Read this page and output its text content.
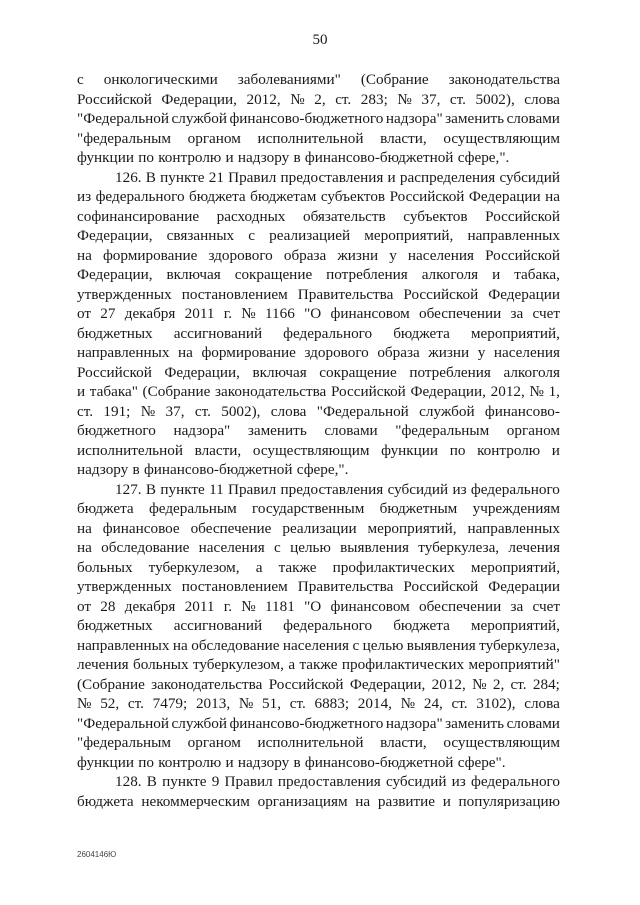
50
с онкологическими заболеваниями" (Собрание законодательства
Российской Федерации, 2012, № 2, ст. 283; № 37, ст. 5002), слова
"Федеральной службой финансово-бюджетного надзора" заменить словами
"федеральным органом исполнительной власти, осуществляющим
функции по контролю и надзору в финансово-бюджетной сфере,".
126. В пункте 21 Правил предоставления и распределения субсидий
из федерального бюджета бюджетам субъектов Российской Федерации на
софинансирование расходных обязательств субъектов Российской
Федерации, связанных с реализацией мероприятий, направленных
на формирование здорового образа жизни у населения Российской
Федерации, включая сокращение потребления алкоголя и табака,
утвержденных постановлением Правительства Российской Федерации
от 27 декабря 2011 г. № 1166 "О финансовом обеспечении за счет
бюджетных ассигнований федерального бюджета мероприятий,
направленных на формирование здорового образа жизни у населения
Российской Федерации, включая сокращение потребления алкоголя
и табака" (Собрание законодательства Российской Федерации, 2012, № 1,
ст. 191; № 37, ст. 5002), слова "Федеральной службой финансово-
бюджетного надзора" заменить словами "федеральным органом
исполнительной власти, осуществляющим функции по контролю и
надзору в финансово-бюджетной сфере,".
127. В пункте 11 Правил предоставления субсидий из федерального
бюджета федеральным государственным бюджетным учреждениям
на финансовое обеспечение реализации мероприятий, направленных
на обследование населения с целью выявления туберкулеза, лечения
больных туберкулезом, а также профилактических мероприятий,
утвержденных постановлением Правительства Российской Федерации
от 28 декабря 2011 г. № 1181 "О финансовом обеспечении за счет
бюджетных ассигнований федерального бюджета мероприятий,
направленных на обследование населения с целью выявления туберкулеза,
лечения больных туберкулезом, а также профилактических мероприятий"
(Собрание законодательства Российской Федерации, 2012, № 2, ст. 284;
№ 52, ст. 7479; 2013, № 51, ст. 6883; 2014, № 24, ст. 3102), слова
"Федеральной службой финансово-бюджетного надзора" заменить словами
"федеральным органом исполнительной власти, осуществляющим
функции по контролю и надзору в финансово-бюджетной сфере".
128. В пункте 9 Правил предоставления субсидий из федерального
бюджета некоммерческим организациям на развитие и популяризацию
2604146Ю
